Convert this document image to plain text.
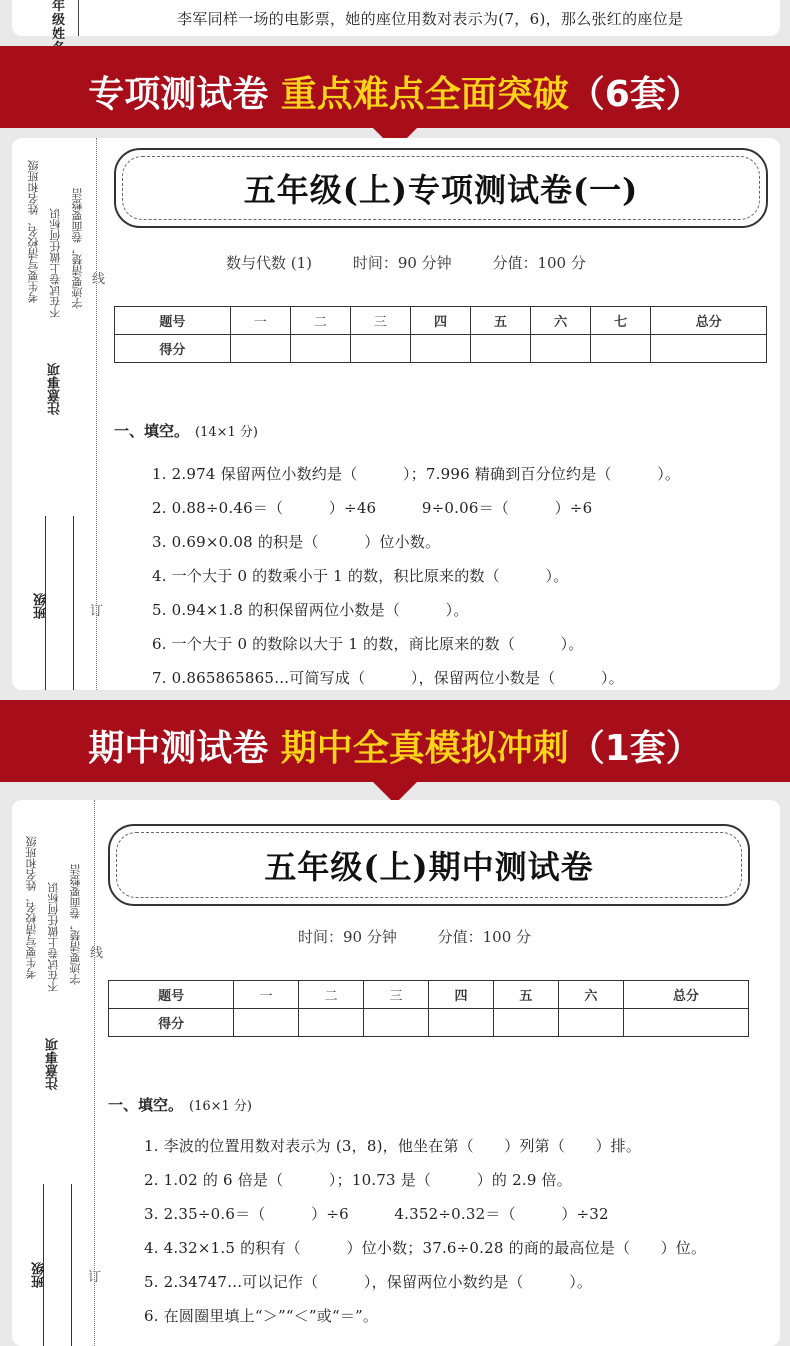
年级
姓
李军同样一场的电影票，她的座位用数对表示为(7，6)，那么张红的座位是
专项测试卷 重点难点全面突破（6套）
考生要写清校名、姓名和班级 不在试卷上做任何标识 字迹要清楚，卷面要整洁 线
注意事项
班级	订
五年级(上)专项测试卷(一)
数与代数 (1)	时间：90 分钟	分值：100 分
题号	一	二	三	四	五	六	七	总分
得分								
一、填空。 (14×1 分)
1. 2.974 保留两位小数约是（　　　）；7.996 精确到百分位约是（　　　）。
2. 0.88÷0.46＝（　　　）÷46　　　9÷0.06＝（　　　）÷6
3. 0.69×0.08 的积是（　　　）位小数。
4. 一个大于 0 的数乘小于 1 的数，积比原来的数（　　　）。
5. 0.94×1.8 的积保留两位小数是（　　　）。
6. 一个大于 0 的数除以大于 1 的数，商比原来的数（　　　）。
7. 0.865865865…可简写成（　　　），保留两位小数是（　　　）。
期中测试卷 期中全真模拟冲刺（1套）
考生要写清校名、姓名和班级 不在试卷上做任何标识 字迹要清楚，卷面要整洁 线
注意事项
班级	订
五年级(上)期中测试卷
时间：90 分钟	分值：100 分
题号	一	二	三	四	五	六	总分
得分							
一、填空。 (16×1 分)
1. 李波的位置用数对表示为 (3，8)，他坐在第（　　）列第（　　）排。
2. 1.02 的 6 倍是（　　　）；10.73 是（　　　）的 2.9 倍。
3. 2.35÷0.6＝（　　　）÷6　　　4.352÷0.32＝（　　　）÷32
4. 4.32×1.5 的积有（　　　）位小数；37.6÷0.28 的商的最高位是（　　）位。
5. 2.34747…可以记作（　　　），保留两位小数约是（　　　）。
6. 在圆圈里填上“＞”“＜”或“＝”。
